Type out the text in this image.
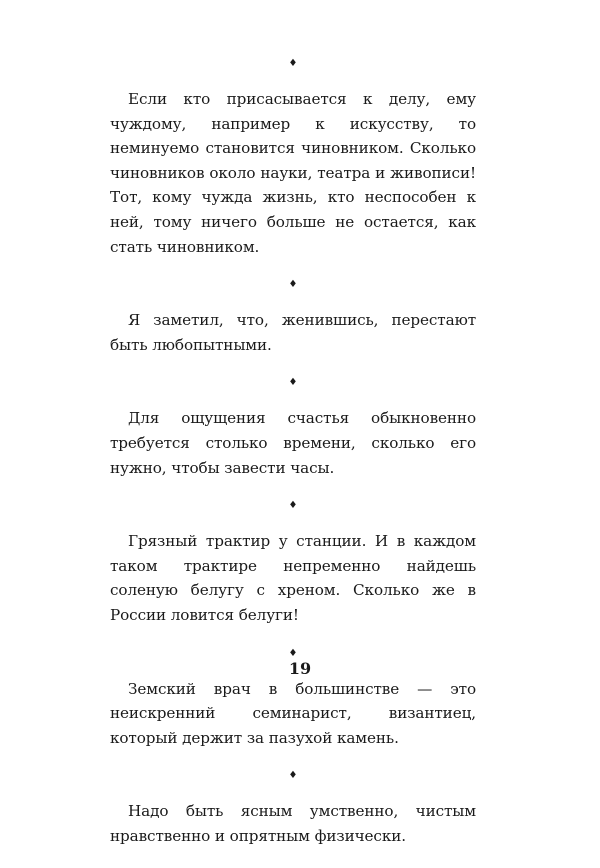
♦

Если кто присасывается к делу, ему чуждому, например к искусству, то неминуемо становится чиновником. Сколько чиновников около науки, театра и живописи! Тот, кому чужда жизнь, кто неспособен к ней, тому ничего больше не остается, как стать чиновником.

♦

Я заметил, что, женившись, перестают быть любопытными.

♦

Для ощущения счастья обыкновенно требуется столько времени, сколько его нужно, чтобы завести часы.

♦

Грязный трактир у станции. И в каждом таком трактире непременно найдешь соленую белугу с хреном. Сколько же в России ловится белуги!

♦

Земский врач в большинстве — это неискренний семинарист, византиец, который держит за пазухой камень.

♦

Надо быть ясным умственно, чистым нравственно и опрятным физически.

19
